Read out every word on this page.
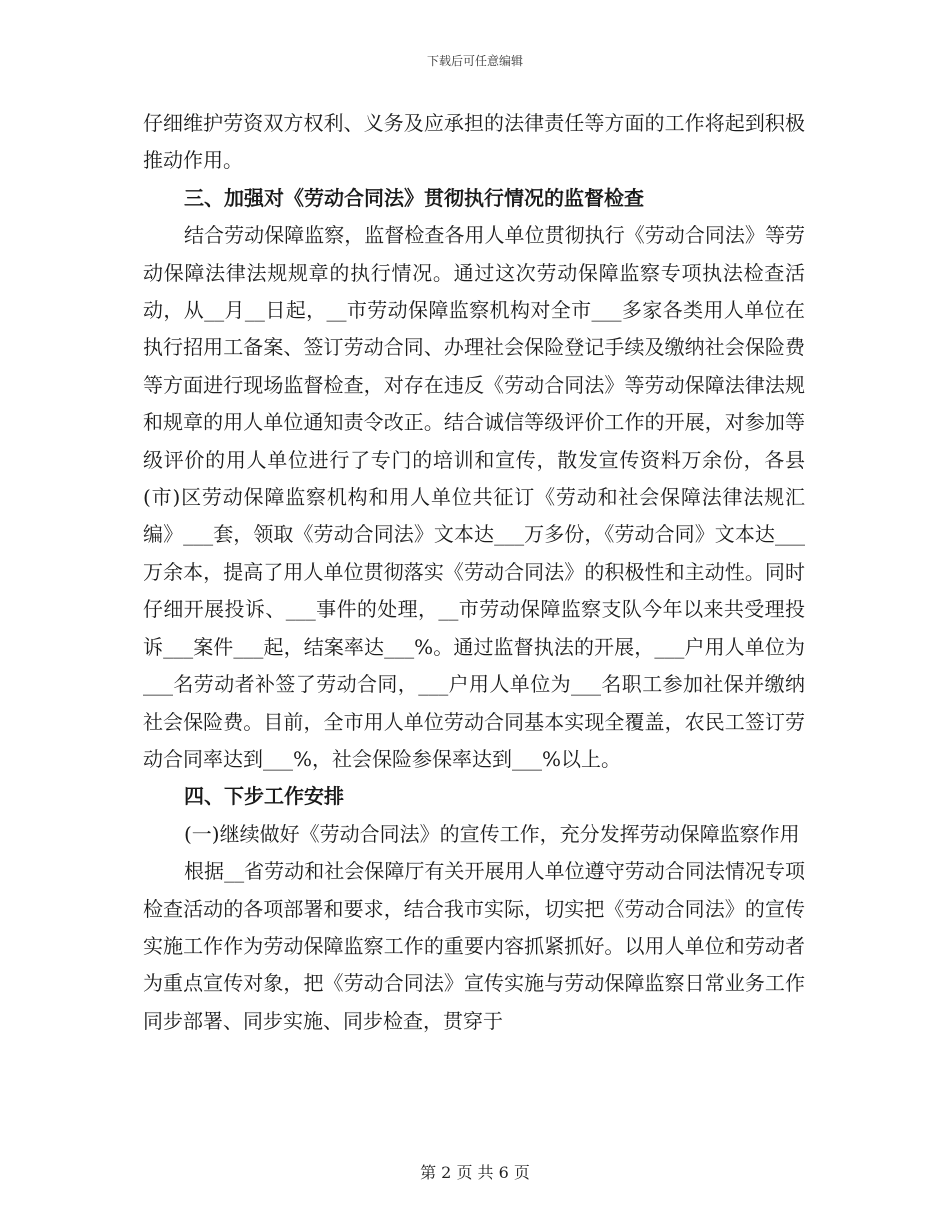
下载后可任意编辑

仔细维护劳资双方权利、义务及应承担的法律责任等方面的工作将起到积极推动作用。

三、加强对《劳动合同法》贯彻执行情况的监督检查

结合劳动保障监察，监督检查各用人单位贯彻执行《劳动合同法》等劳动保障法律法规规章的执行情况。通过这次劳动保障监察专项执法检查活动，从__月__日起，__市劳动保障监察机构对全市___多家各类用人单位在执行招用工备案、签订劳动合同、办理社会保险登记手续及缴纳社会保险费等方面进行现场监督检查，对存在违反《劳动合同法》等劳动保障法律法规和规章的用人单位通知责令改正。结合诚信等级评价工作的开展，对参加等级评价的用人单位进行了专门的培训和宣传，散发宣传资料万余份，各县(市)区劳动保障监察机构和用人单位共征订《劳动和社会保障法律法规汇编》___套，领取《劳动合同法》文本达___万多份，《劳动合同》文本达___万余本，提高了用人单位贯彻落实《劳动合同法》的积极性和主动性。同时仔细开展投诉、___事件的处理，__市劳动保障监察支队今年以来共受理投诉___案件___起，结案率达___%。通过监督执法的开展，___户用人单位为___名劳动者补签了劳动合同，___户用人单位为___名职工参加社保并缴纳社会保险费。目前，全市用人单位劳动合同基本实现全覆盖，农民工签订劳动合同率达到___%，社会保险参保率达到___%以上。

四、下步工作安排

(一)继续做好《劳动合同法》的宣传工作，充分发挥劳动保障监察作用

根据__省劳动和社会保障厅有关开展用人单位遵守劳动合同法情况专项检查活动的各项部署和要求，结合我市实际，切实把《劳动合同法》的宣传实施工作作为劳动保障监察工作的重要内容抓紧抓好。以用人单位和劳动者为重点宣传对象，把《劳动合同法》宣传实施与劳动保障监察日常业务工作同步部署、同步实施、同步检查，贯穿于

第 2 页 共 6 页
